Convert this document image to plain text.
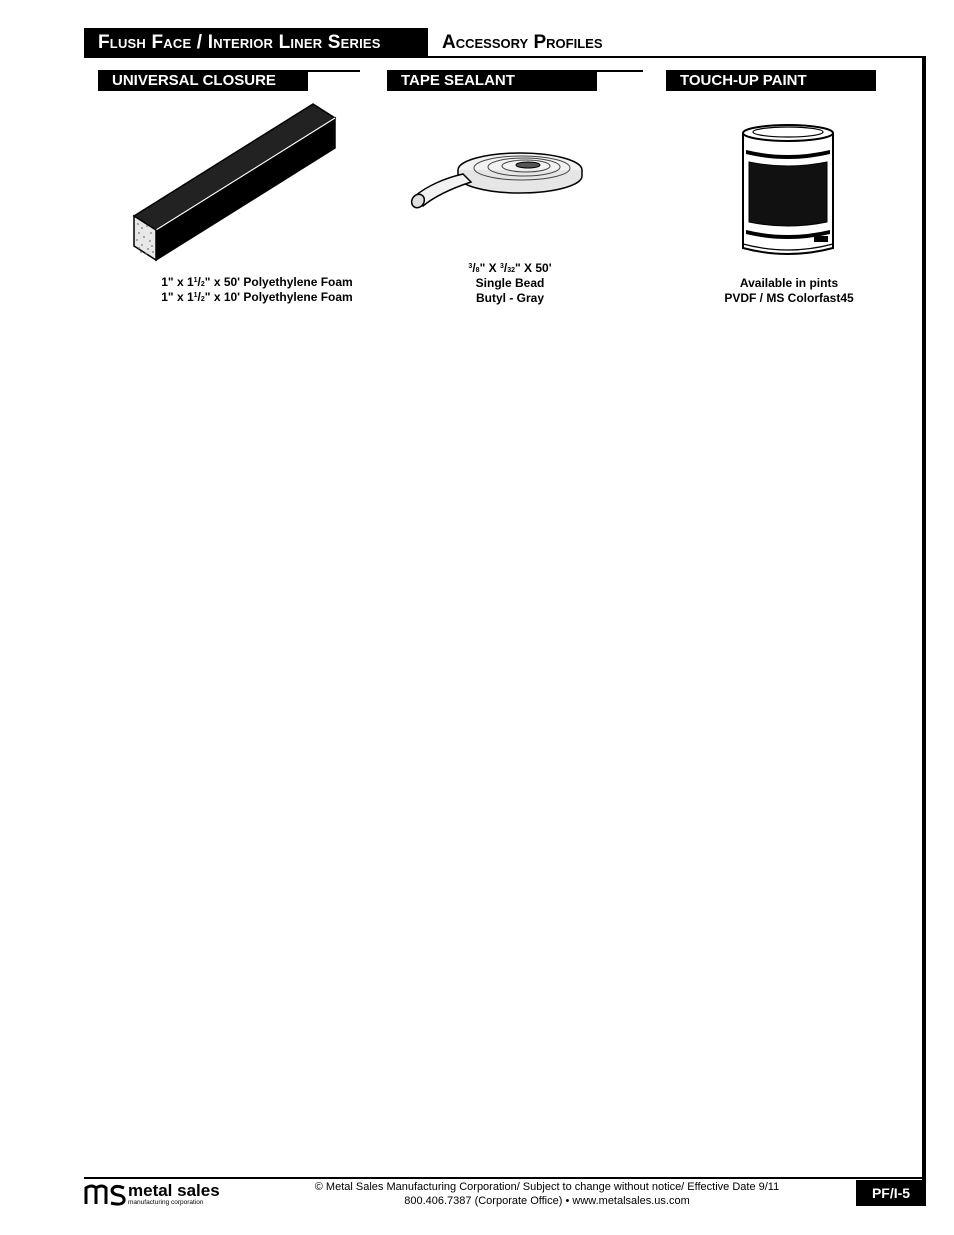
Flush Face / Interior Liner Series	Accessory Profiles
UNIVERSAL CLOSURE
1" x $1^1/2$" x 50' Polyethylene Foam
1" x $1^1/2$" x 10' Polyethylene Foam
TAPE SEALANT
$^3$/8" X $^3$/32" X 50'
Single Bead
Butyl - Gray
TOUCH-UP PAINT
Available in pints
PVDF / MS Colorfast45
metal sales
manufacturing corporation
© Metal Sales Manufacturing Corporation/ Subject to change without notice/ Effective Date 9/11
800.406.7387 (Corporate Office) • www.metalsales.us.com	PF/I-5
